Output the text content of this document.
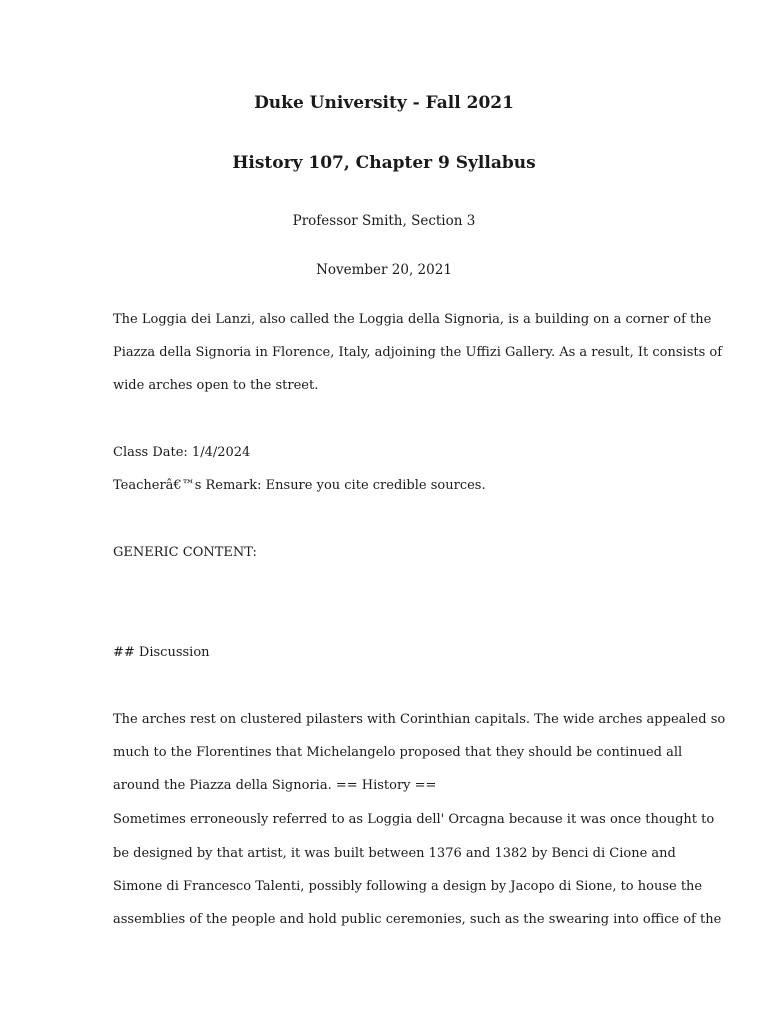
Duke University - Fall 2021
History 107, Chapter 9 Syllabus
Professor Smith, Section 3
November 20, 2021
The Loggia dei Lanzi, also called the Loggia della Signoria, is a building on a corner of the
Piazza della Signoria in Florence, Italy, adjoining the Uffizi Gallery. As a result, It consists of
wide arches open to the street.
Class Date: 1/4/2024
Teacherâ€™s Remark: Ensure you cite credible sources.
GENERIC CONTENT:
## Discussion
The arches rest on clustered pilasters with Corinthian capitals. The wide arches appealed so
much to the Florentines that Michelangelo proposed that they should be continued all
around the Piazza della Signoria. == History ==
Sometimes erroneously referred to as Loggia dell' Orcagna because it was once thought to
be designed by that artist, it was built between 1376 and 1382 by Benci di Cione and
Simone di Francesco Talenti, possibly following a design by Jacopo di Sione, to house the
assemblies of the people and hold public ceremonies, such as the swearing into office of the
